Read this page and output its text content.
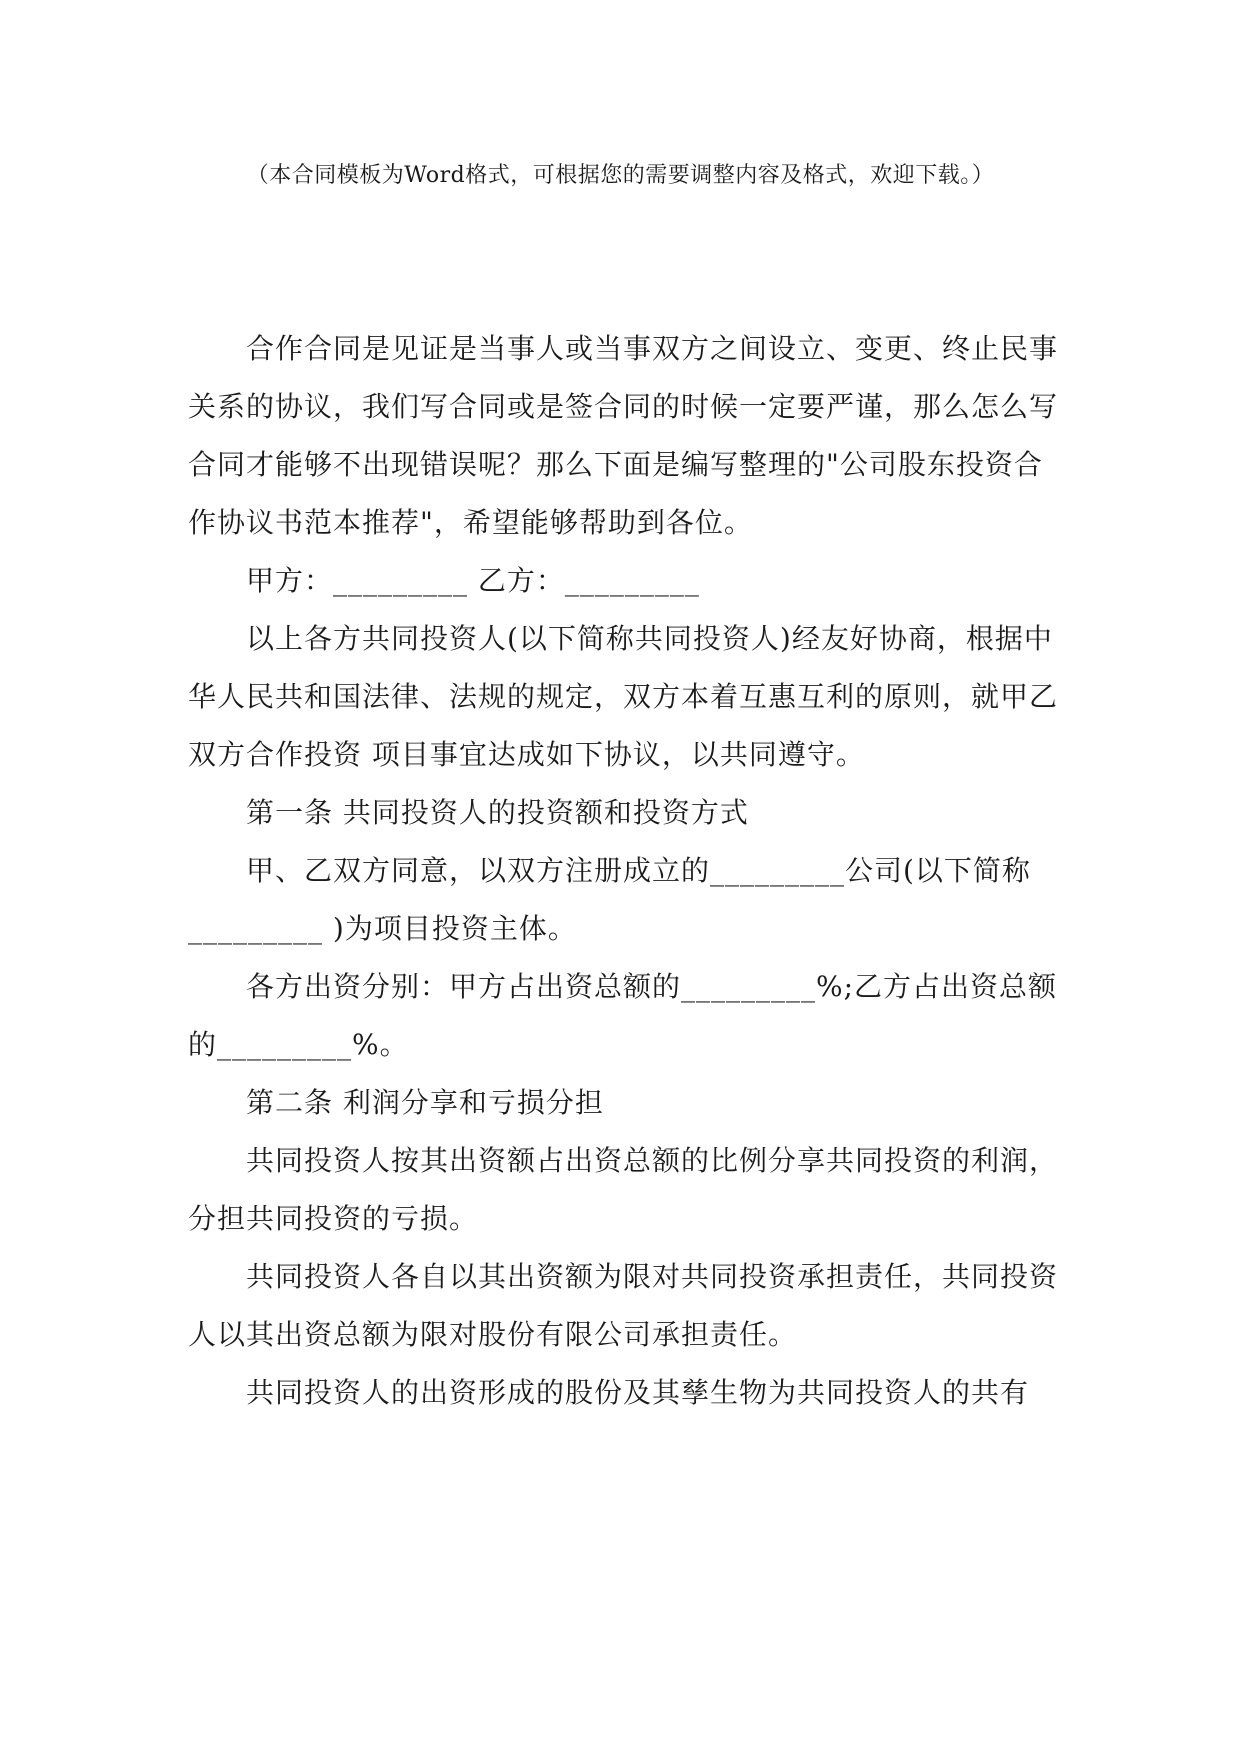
（本合同模板为Word格式，可根据您的需要调整内容及格式，欢迎下载。）
合作合同是见证是当事人或当事双方之间设立、变更、终止民事
关系的协议，我们写合同或是签合同的时候一定要严谨，那么怎么写
合同才能够不出现错误呢？那么下面是编写整理的"公司股东投资合
作协议书范本推荐"，希望能够帮助到各位。
甲方：_________ 乙方：_________
以上各方共同投资人(以下简称共同投资人)经友好协商，根据中
华人民共和国法律、法规的规定，双方本着互惠互利的原则，就甲乙
双方合作投资 项目事宜达成如下协议，以共同遵守。
第一条 共同投资人的投资额和投资方式
甲、乙双方同意，以双方注册成立的_________公司(以下简称
_________ )为项目投资主体。
各方出资分别：甲方占出资总额的_________%;乙方占出资总额
的_________%。
第二条 利润分享和亏损分担
共同投资人按其出资额占出资总额的比例分享共同投资的利润，
分担共同投资的亏损。
共同投资人各自以其出资额为限对共同投资承担责任，共同投资
人以其出资总额为限对股份有限公司承担责任。
共同投资人的出资形成的股份及其孳生物为共同投资人的共有
